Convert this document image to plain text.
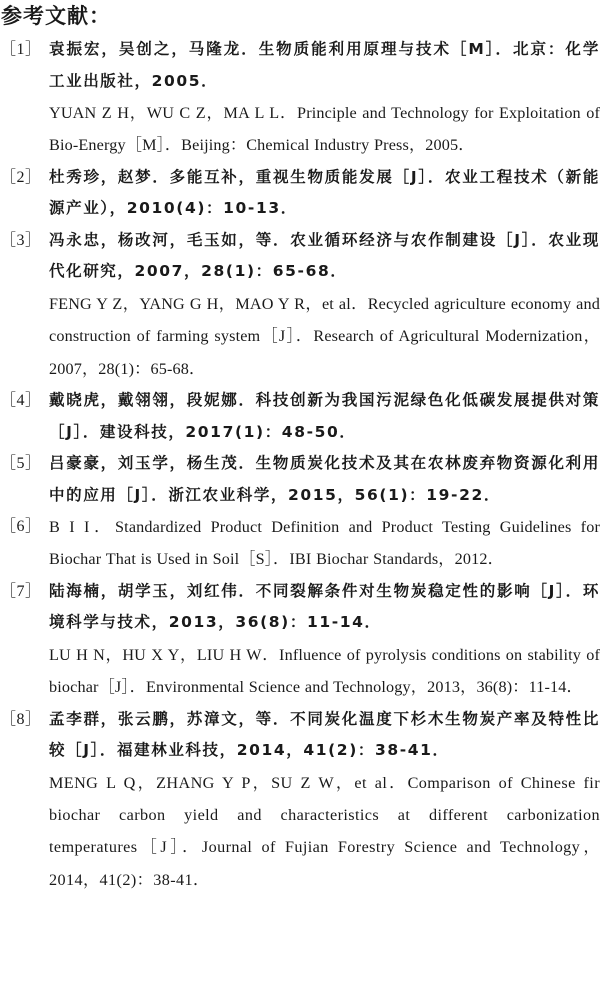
参考文献：
［1］ 袁振宏，吴创之，马隆龙．生物质能利用原理与技术［M］．北京：化学工业出版社，2005．

YUAN Z H，WU C Z，MA L L．Principle and Technology for Exploitation of Bio-Energy［M］．Beijing：Chemical Industry Press，2005．

［2］ 杜秀珍，赵梦．多能互补，重视生物质能发展［J］．农业工程技术（新能源产业），2010(4)：10-13．

［3］ 冯永忠，杨改河，毛玉如，等．农业循环经济与农作制建设［J］．农业现代化研究，2007，28(1)：65-68．

FENG Y Z，YANG G H，MAO Y R，et al．Recycled agriculture economy and construction of farming system［J］．Research of Agricultural Modernization，2007，28(1)：65-68．

［4］ 戴晓虎，戴翎翎，段妮娜．科技创新为我国污泥绿色化低碳发展提供对策［J］．建设科技，2017(1)：48-50．

［5］ 吕豪豪，刘玉学，杨生茂．生物质炭化技术及其在农林废弃物资源化利用中的应用［J］．浙江农业科学，2015，56(1)：19-22．

［6］ B I I．Standardized Product Definition and Product Testing Guidelines for Biochar That is Used in Soil［S］．IBI Biochar Standards，2012．

［7］ 陆海楠，胡学玉，刘红伟．不同裂解条件对生物炭稳定性的影响［J］．环境科学与技术，2013，36(8)：11-14．

LU H N，HU X Y，LIU H W．Influence of pyrolysis conditions on stability of biochar［J］．Environmental Science and Technology，2013，36(8)：11-14．

［8］ 孟李群，张云鹏，苏漳文，等．不同炭化温度下杉木生物炭产率及特性比较［J］．福建林业科技，2014，41(2)：38-41．

MENG L Q，ZHANG Y P，SU Z W，et al．Comparison of Chinese fir biochar carbon yield and characteristics at different carbonization temperatures［J］．Journal of Fujian Forestry Science and Technology，2014，41(2)：38-41．
